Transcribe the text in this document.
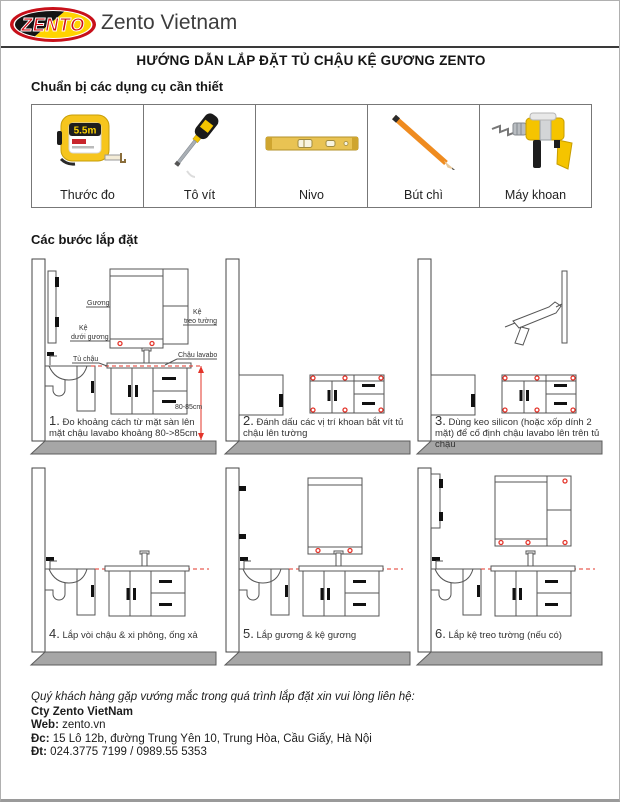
ZENTO Zento Vietnam
HƯỚNG DẪN LẮP ĐẶT TỦ CHẬU KỆ GƯƠNG ZENTO
Chuẩn bị các dụng cụ cần thiết
5.5m
Thước đo	Tô vít	Nivo	Bút chì	Máy khoan
Các bước lắp đặt
80-85cm
Gương
Kệ
treo tường
Kệ
dưới gương
Chậu lavabo
Tủ chậu
1. Đo khoảng cách từ mặt sàn lên mặt chậu lavabo khoảng 80->85cm
2. Đánh dấu các vị trí khoan bắt vít tủ chậu lên tường
3. Dùng keo silicon (hoặc xốp dính 2 mặt) để cố định chậu lavabo lên trên tủ chậu
4. Lắp vòi chậu & xi phông, ống xả	5. Lắp gương & kệ gương	6. Lắp kệ treo tường (nếu có)
Quý khách hàng gặp vướng mắc trong quá trình lắp đặt xin vui lòng liên hệ:
Cty Zento VietNam
Web: zento.vn
Đc: 15 Lô 12b, đường Trung Yên 10, Trung Hòa, Cầu Giấy, Hà Nội
Đt: 024.3775 7199 / 0989.55 5353
